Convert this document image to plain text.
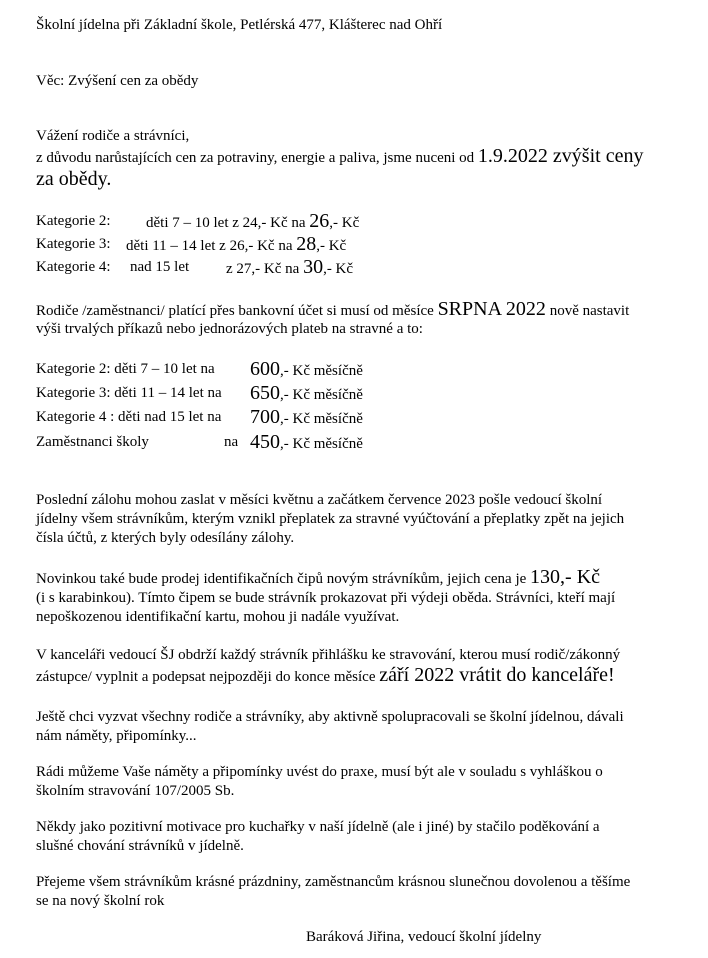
Školní jídelna při Základní škole, Petlérská 477, Klášterec nad Ohří
Věc: Zvýšení cen za obědy
Vážení rodiče a strávníci,
z důvodu narůstajících cen za potraviny, energie a paliva, jsme nuceni od 1.9.2022 zvýšit ceny
za obědy.
Kategorie 2: děti 7 – 10 let z 24,- Kč na 26,- Kč
Kategorie 3: děti 11 – 14 let z 26,- Kč na 28,- Kč
Kategorie 4: nad 15 let z 27,- Kč na 30,- Kč
Rodiče /zaměstnanci/ platící přes bankovní účet si musí od měsíce SRPNA 2022 nově nastavit
výši trvalých příkazů nebo jednorázových plateb na stravné a to:
Kategorie 2: děti 7 – 10 let na 600,- Kč měsíčně
Kategorie 3: děti 11 – 14 let na 650,- Kč měsíčně
Kategorie 4 : děti nad 15 let na 700,- Kč měsíčně
Zaměstnanci školy	na 450,- Kč měsíčně
Poslední zálohu mohou zaslat v měsíci květnu a začátkem července 2023 pošle vedoucí školní
jídelny všem strávníkům, kterým vznikl přeplatek za stravné vyúčtování a přeplatky zpět na jejich
čísla účtů, z kterých byly odesílány zálohy.
Novinkou také bude prodej identifikačních čipů novým strávníkům, jejich cena je 130,- Kč
(i s karabinkou). Tímto čipem se bude strávník prokazovat při výdeji oběda. Strávníci, kteří mají
nepoškozenou identifikační kartu, mohou ji nadále využívat.
V kanceláři vedoucí ŠJ obdrží každý strávník přihlášku ke stravování, kterou musí rodič/zákonný
zástupce/ vyplnit a podepsat nejpozději do konce měsíce září 2022 vrátit do kanceláře!
Ještě chci vyzvat všechny rodiče a strávníky, aby aktivně spolupracovali se školní jídelnou, dávali
nám náměty, připomínky...
Rádi můžeme Vaše náměty a připomínky uvést do praxe, musí být ale v souladu s vyhláškou o
školním stravování 107/2005 Sb.
Někdy jako pozitivní motivace pro kuchařky v naší jídelně (ale i jiné) by stačilo poděkování a
slušné chování strávníků v jídelně.
Přejeme všem strávníkům krásné prázdniny, zaměstnancům krásnou slunečnou dovolenou a těšíme
se na nový školní rok
Baráková Jiřina, vedoucí školní jídelny
